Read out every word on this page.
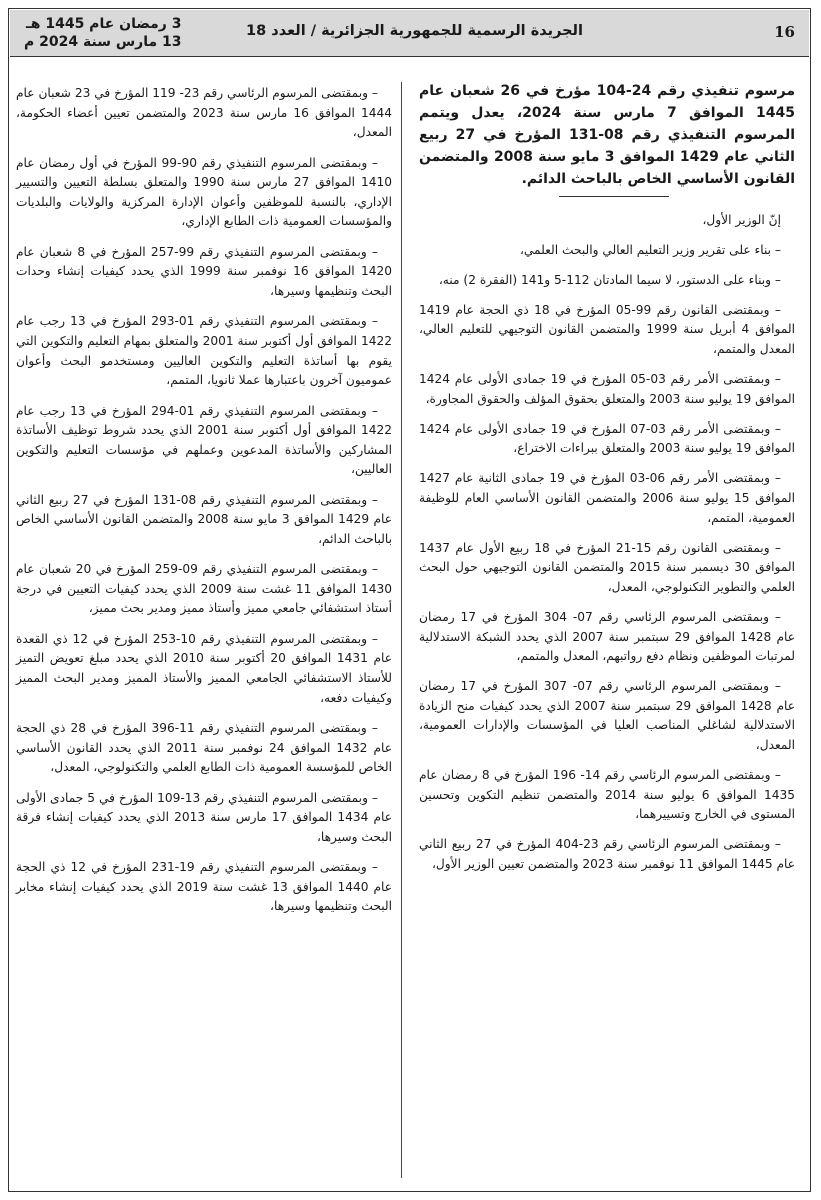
16
الجريدة الرسمية للجمهورية الجزائرية / العدد 18
3 رمضان عام 1445 هـ
13 مارس سنة 2024 م

مرسوم تنفيذي رقم 24-104 مؤرخ في 26 شعبان عام 1445 الموافق 7 مارس سنة 2024، يعدل ويتمم المرسوم التنفيذي رقم 08-131 المؤرخ في 27 ربيع الثاني عام 1429 الموافق 3 مايو سنة 2008 والمتضمن القانون الأساسي الخاص بالباحث الدائم.

إنّ الوزير الأول،

– بناء على تقرير وزير التعليم العالي والبحث العلمي،

– وبناء على الدستور، لا سيما المادتان 112-5 و141 (الفقرة 2) منه،

– وبمقتضى القانون رقم 99-05 المؤرخ في 18 ذي الحجة عام 1419 الموافق 4 أبريل سنة 1999 والمتضمن القانون التوجيهي للتعليم العالي، المعدل والمتمم،

– وبمقتضى الأمر رقم 03-05 المؤرخ في 19 جمادى الأولى عام 1424 الموافق 19 يوليو سنة 2003 والمتعلق بحقوق المؤلف والحقوق المجاورة،

– وبمقتضى الأمر رقم 03-07 المؤرخ في 19 جمادى الأولى عام 1424 الموافق 19 يوليو سنة 2003 والمتعلق ببراءات الاختراع،

– وبمقتضى الأمر رقم 06-03 المؤرخ في 19 جمادى الثانية عام 1427 الموافق 15 يوليو سنة 2006 والمتضمن القانون الأساسي العام للوظيفة العمومية، المتمم،

– وبمقتضى القانون رقم 15-21 المؤرخ في 18 ربيع الأول عام 1437 الموافق 30 ديسمبر سنة 2015 والمتضمن القانون التوجيهي حول البحث العلمي والتطوير التكنولوجي، المعدل،

– وبمقتضى المرسوم الرئاسي رقم 07- 304 المؤرخ في 17 رمضان عام 1428 الموافق 29 سبتمبر سنة 2007 الذي يحدد الشبكة الاستدلالية لمرتبات الموظفين ونظام دفع رواتبهم، المعدل والمتمم،

– وبمقتضى المرسوم الرئاسي رقم 07- 307 المؤرخ في 17 رمضان عام 1428 الموافق 29 سبتمبر سنة 2007 الذي يحدد كيفيات منح الزيادة الاستدلالية لشاغلي المناصب العليا في المؤسسات والإدارات العمومية، المعدل،

– وبمقتضى المرسوم الرئاسي رقم 14- 196 المؤرخ في 8 رمضان عام 1435 الموافق 6 يوليو سنة 2014 والمتضمن تنظيم التكوين وتحسين المستوى في الخارج وتسييرهما،

– وبمقتضى المرسوم الرئاسي رقم 23-404 المؤرخ في 27 ربيع الثاني عام 1445 الموافق 11 نوفمبر سنة 2023 والمتضمن تعيين الوزير الأول،

– وبمقتضى المرسوم الرئاسي رقم 23- 119 المؤرخ في 23 شعبان عام 1444 الموافق 16 مارس سنة 2023 والمتضمن تعيين أعضاء الحكومة، المعدل،

– وبمقتضى المرسوم التنفيذي رقم 90-99 المؤرخ في أول رمضان عام 1410 الموافق 27 مارس سنة 1990 والمتعلق بسلطة التعيين والتسيير الإداري، بالنسبة للموظفين وأعوان الإدارة المركزية والولايات والبلديات والمؤسسات العمومية ذات الطابع الإداري،

– وبمقتضى المرسوم التنفيذي رقم 99-257 المؤرخ في 8 شعبان عام 1420 الموافق 16 نوفمبر سنة 1999 الذي يحدد كيفيات إنشاء وحدات البحث وتنظيمها وسيرها،

– وبمقتضى المرسوم التنفيذي رقم 01-293 المؤرخ في 13 رجب عام 1422 الموافق أول أكتوبر سنة 2001 والمتعلق بمهام التعليم والتكوين التي يقوم بها أساتذة التعليم والتكوين العاليين ومستخدمو البحث وأعوان عموميون آخرون باعتبارها عملا ثانويا، المتمم،

– وبمقتضى المرسوم التنفيذي رقم 01-294 المؤرخ في 13 رجب عام 1422 الموافق أول أكتوبر سنة 2001 الذي يحدد شروط توظيف الأساتذة المشاركين والأساتذة المدعوين وعملهم في مؤسسات التعليم والتكوين العاليين،

– وبمقتضى المرسوم التنفيذي رقم 08-131 المؤرخ في 27 ربيع الثاني عام 1429 الموافق 3 مايو سنة 2008 والمتضمن القانون الأساسي الخاص بالباحث الدائم،

– وبمقتضى المرسوم التنفيذي رقم 09-259 المؤرخ في 20 شعبان عام 1430 الموافق 11 غشت سنة 2009 الذي يحدد كيفيات التعيين في درجة أستاذ استشفائي جامعي مميز وأستاذ مميز ومدير بحث مميز،

– وبمقتضى المرسوم التنفيذي رقم 10-253 المؤرخ في 12 ذي القعدة عام 1431 الموافق 20 أكتوبر سنة 2010 الذي يحدد مبلغ تعويض التميز للأستاذ الاستشفائي الجامعي المميز والأستاذ المميز ومدير البحث المميز وكيفيات دفعه،

– وبمقتضى المرسوم التنفيذي رقم 11-396 المؤرخ في 28 ذي الحجة عام 1432 الموافق 24 نوفمبر سنة 2011 الذي يحدد القانون الأساسي الخاص للمؤسسة العمومية ذات الطابع العلمي والتكنولوجي، المعدل،

– وبمقتضى المرسوم التنفيذي رقم 13-109 المؤرخ في 5 جمادى الأولى عام 1434 الموافق 17 مارس سنة 2013 الذي يحدد كيفيات إنشاء فرقة البحث وسيرها،

– وبمقتضى المرسوم التنفيذي رقم 19-231 المؤرخ في 12 ذي الحجة عام 1440 الموافق 13 غشت سنة 2019 الذي يحدد كيفيات إنشاء مخابر البحث وتنظيمها وسيرها،
